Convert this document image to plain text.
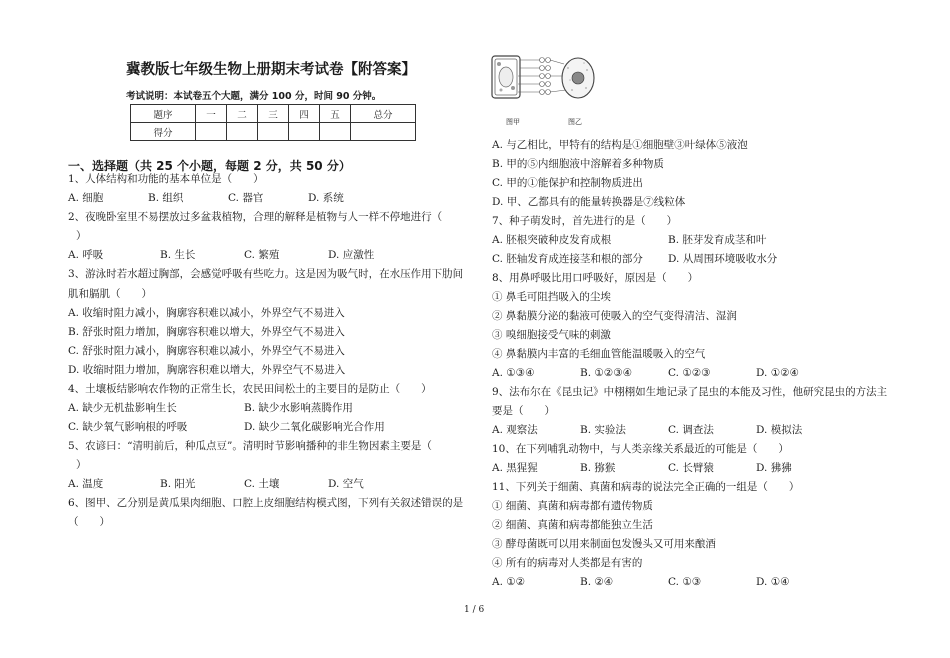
冀教版七年级生物上册期末考试卷【附答案】
考试说明：本试卷五个大题，满分 100 分，时间 90 分钟。
题序	一	二	三	四	五	总分
得分						
一、选择题（共 25 个小题，每题 2 分，共 50 分）
1、人体结构和功能的基本单位是（　　）
A. 细胞	B. 组织	C. 器官	D. 系统
2、夜晚卧室里不易摆放过多盆栽植物，合理的解释是植物与人一样不停地进行（
）
A. 呼吸	B. 生长	C. 繁殖	D. 应激性
3、游泳时若水超过胸部，会感觉呼吸有些吃力。这是因为吸气时，在水压作用下肋间
肌和膈肌（　　）
A. 收缩时阻力减小，胸廓容积难以减小，外界空气不易进入
B. 舒张时阻力增加，胸廓容积难以增大，外界空气不易进入
C. 舒张时阻力减小，胸廓容积难以减小，外界空气不易进入
D. 收缩时阻力增加，胸廓容积难以增大，外界空气不易进入
4、土壤板结影响农作物的正常生长，农民田间松土的主要目的是防止（　　）
A. 缺少无机盐影响生长	B. 缺少水影响蒸腾作用
C. 缺少氧气影响根的呼吸	D. 缺少二氧化碳影响光合作用
5、农谚曰：“清明前后，种瓜点豆”。清明时节影响播种的非生物因素主要是（
）
A. 温度	B. 阳光	C. 土壤	D. 空气
6、图甲、乙分别是黄瓜果肉细胞、口腔上皮细胞结构模式图，下列有关叙述错误的是
（　　）
图甲	图乙
A. 与乙相比，甲特有的结构是①细胞壁③叶绿体⑤液泡
B. 甲的⑤内细胞液中溶解着多种物质
C. 甲的①能保护和控制物质进出
D. 甲、乙都具有的能量转换器是⑦线粒体
7、种子萌发时，首先进行的是（　　）
A. 胚根突破种皮发育成根	B. 胚芽发育成茎和叶
C. 胚轴发育成连接茎和根的部分 D. 从周围环境吸收水分
8、用鼻呼吸比用口呼吸好，原因是（　　）
① 鼻毛可阻挡吸入的尘埃
② 鼻黏膜分泌的黏液可使吸入的空气变得清洁、湿润
③ 嗅细胞接受气味的刺激
④ 鼻黏膜内丰富的毛细血管能温暖吸入的空气
A. ①③④	B. ①②③④	C. ①②③	D. ①②④
9、法布尔在《昆虫记》中栩栩如生地记录了昆虫的本能及习性，他研究昆虫的方法主
要是（　　）
A. 观察法	B. 实验法	C. 调查法	D. 模拟法
10、在下列哺乳动物中，与人类亲缘关系最近的可能是（　　）
A. 黑猩猩	B. 猕猴	C. 长臂猿	D. 狒狒
11、下列关于细菌、真菌和病毒的说法完全正确的一组是（　　）
① 细菌、真菌和病毒都有遗传物质
② 细菌、真菌和病毒都能独立生活
③ 酵母菌既可以用来制面包发馒头又可用来酿酒
④ 所有的病毒对人类都是有害的
A. ①②	B. ②④	C. ①③	D. ①④
1 / 6
